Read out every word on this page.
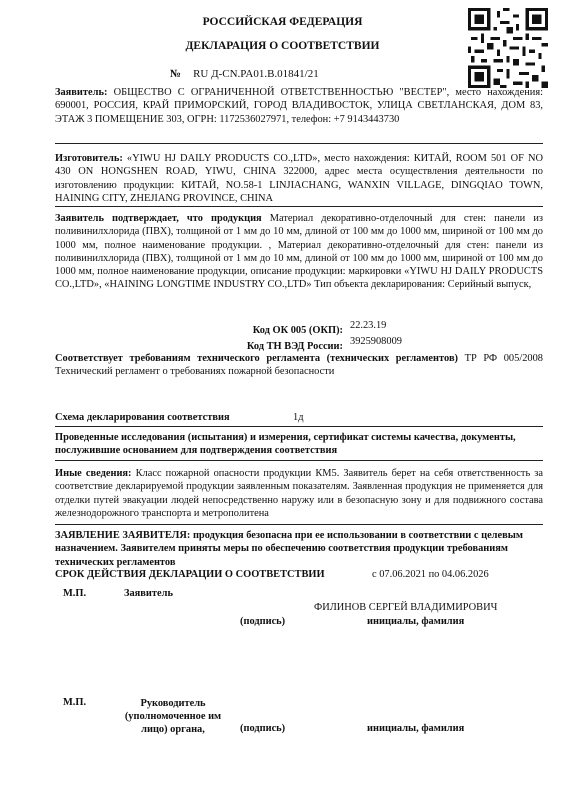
РОССИЙСКАЯ ФЕДЕРАЦИЯ
ДЕКЛАРАЦИЯ О СООТВЕТСТВИИ
№ RU Д-CN.PA01.B.01841/21
Заявитель: ОБЩЕСТВО С ОГРАНИЧЕННОЙ ОТВЕТСТВЕННОСТЬЮ "ВЕСТЕР", место нахождения: 690001, РОССИЯ, КРАЙ ПРИМОРСКИЙ, ГОРОД ВЛАДИВОСТОК, УЛИЦА СВЕТЛАНСКАЯ, ДОМ 83, ЭТАЖ 3 ПОМЕЩЕНИЕ 303, ОГРН: 1172536027971, телефон: +7 9143443730
Изготовитель: «YIWU HJ DAILY PRODUCTS CO.,LTD», место нахождения: КИТАЙ, ROOM 501 OF NO 430 ON HONGSHEN ROAD, YIWU, CHINA 322000, адрес места осуществления деятельности по изготовлению продукции: КИТАЙ, NO.58-1 LINJIACHANG, WANXIN VILLAGE, DINGQIAO TOWN, HAINING CITY, ZHEJIANG PROVINCE, CHINA
Заявитель подтверждает, что продукция Материал декоративно-отделочный для стен: панели из поливинилхлорида (ПВХ), толщиной от 1 мм до 10 мм, длиной от 100 мм до 1000 мм, шириной от 100 мм до 1000 мм, полное наименование продукции. , Материал декоративно-отделочный для стен: панели из поливинилхлорида (ПВХ), толщиной от 1 мм до 10 мм, длиной от 100 мм до 1000 мм, шириной от 100 мм до 1000 мм, полное наименование продукции, описание продукции: маркировки «YIWU HJ DAILY PRODUCTS CO.,LTD», «HAINING LONGTIME INDUSTRY CO.,LTD» Тип объекта декларирования: Серийный выпуск,
Код ОК 005 (ОКП): 22.23.19
Код ТН ВЭД России: 3925908009
Соответствует требованиям технического регламента (технических регламентов) ТР РФ 005/2008 Технический регламент о требованиях пожарной безопасности
Схема декларирования соответствия	1д
Проведенные исследования (испытания) и измерения, сертификат системы качества, документы, послужившие основанием для подтверждения соответствия
Иные сведения: Класс пожарной опасности продукции КМ5. Заявитель берет на себя ответственность за соответствие декларируемой продукции заявленным показателям. Заявленная продукция не применяется для отделки путей эвакуации людей непосредственно наружу или в безопасную зону и для подвижного состава железнодорожного транспорта и метрополитена
ЗАЯВЛЕНИЕ ЗАЯВИТЕЛЯ: продукция безопасна при ее использовании в соответствии с целевым назначением. Заявителем приняты меры по обеспечению соответствия продукции требованиям технических регламентов
СРОК ДЕЙСТВИЯ ДЕКЛАРАЦИИ О СООТВЕТСТВИИ	с 07.06.2021 по 04.06.2026
М.П.	Заявитель
ФИЛИНОВ СЕРГЕЙ ВЛАДИМИРОВИЧ
(подпись)	инициалы, фамилия
М.П.	Руководитель
(уполномоченное им
лицо) органа,	(подпись)	инициалы, фамилия
